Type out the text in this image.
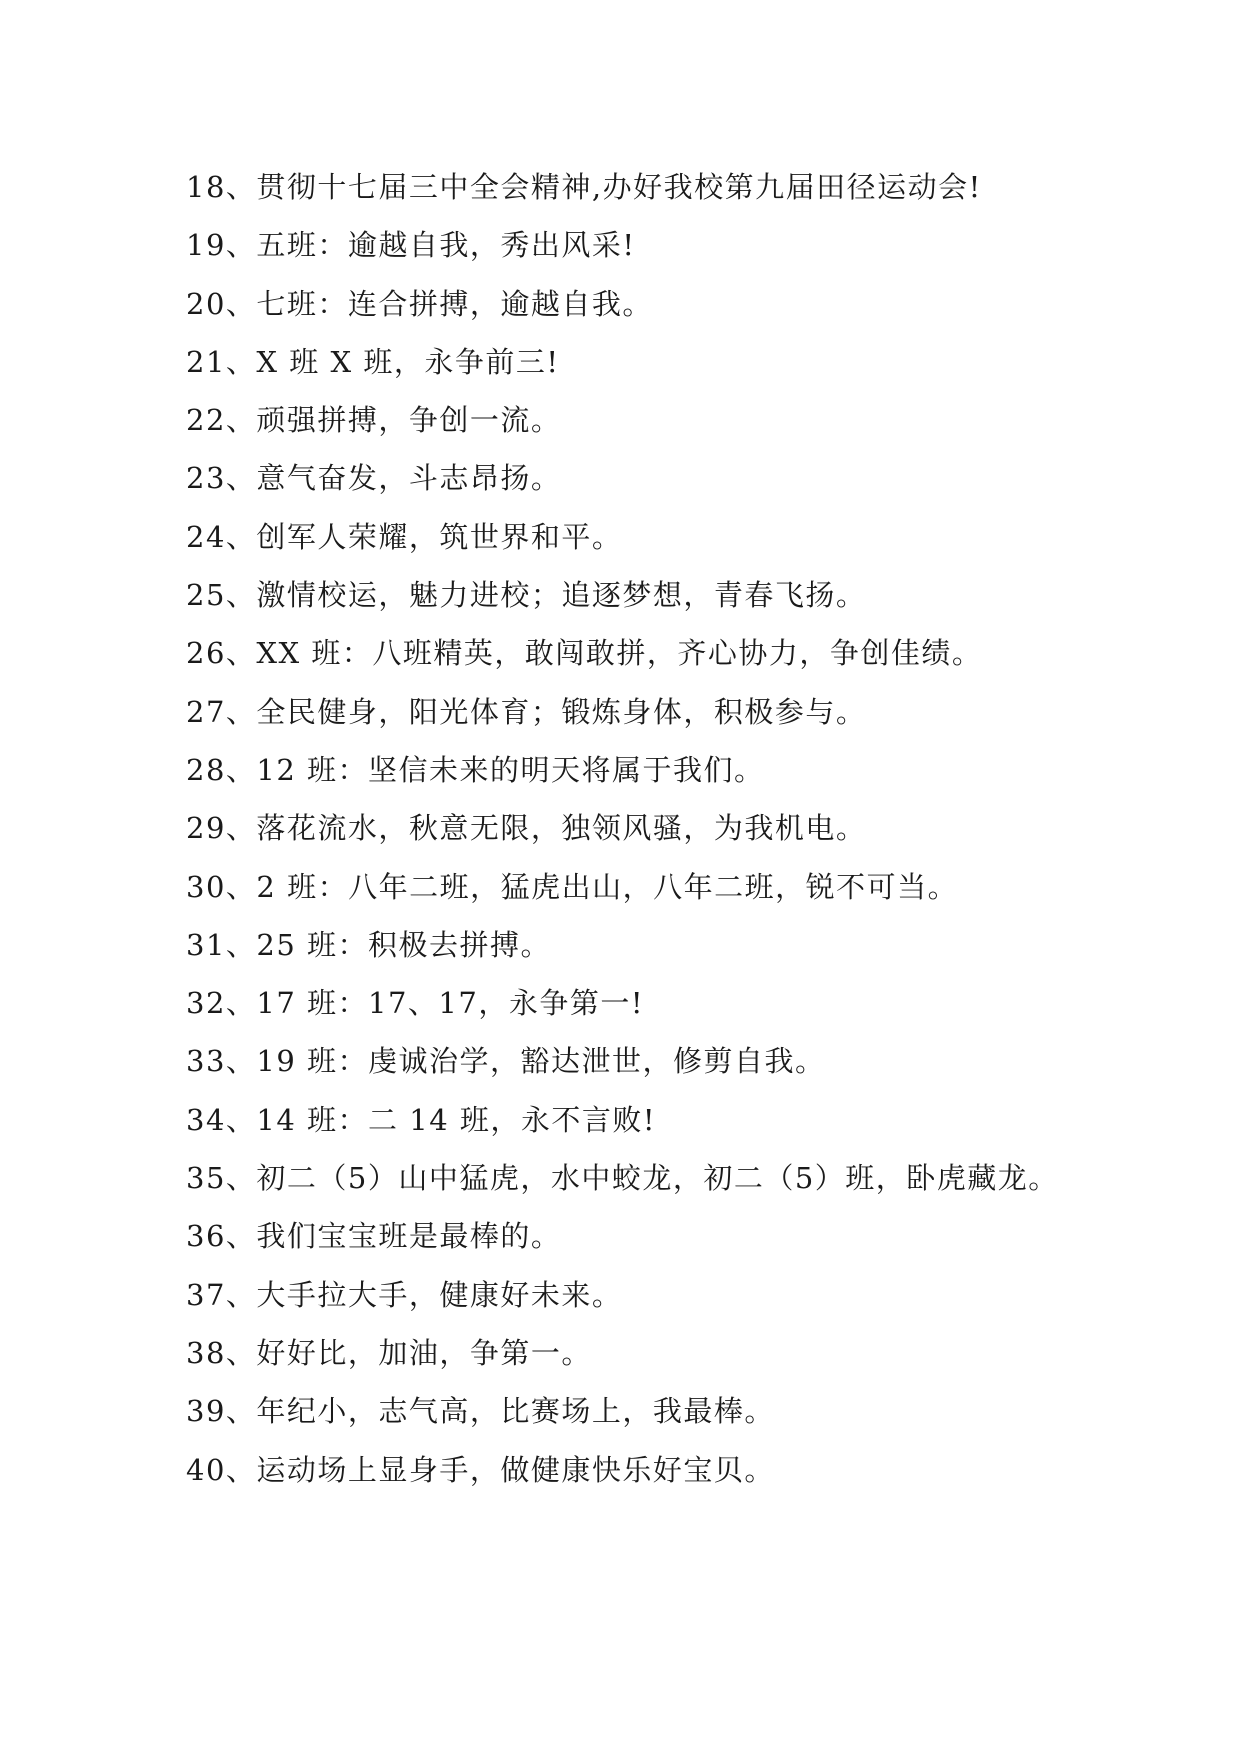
18、贯彻十七届三中全会精神,办好我校第九届田径运动会!
19、五班：逾越自我，秀出风采!
20、七班：连合拼搏，逾越自我。
21、X 班 X 班，永争前三!
22、顽强拼搏，争创一流。
23、意气奋发，斗志昂扬。
24、创军人荣耀，筑世界和平。
25、激情校运，魅力进校；追逐梦想，青春飞扬。
26、XX 班：八班精英，敢闯敢拼，齐心协力，争创佳绩。
27、全民健身，阳光体育；锻炼身体，积极参与。
28、12 班：坚信未来的明天将属于我们。
29、落花流水，秋意无限，独领风骚，为我机电。
30、2 班：八年二班，猛虎出山，八年二班，锐不可当。
31、25 班：积极去拼搏。
32、17 班：17、17，永争第一!
33、19 班：虔诚治学，豁达泄世，修剪自我。
34、14 班：二 14 班，永不言败!
35、初二（5）山中猛虎，水中蛟龙，初二（5）班，卧虎藏龙。
36、我们宝宝班是最棒的。
37、大手拉大手，健康好未来。
38、好好比，加油，争第一。
39、年纪小，志气高，比赛场上，我最棒。
40、运动场上显身手，做健康快乐好宝贝。
